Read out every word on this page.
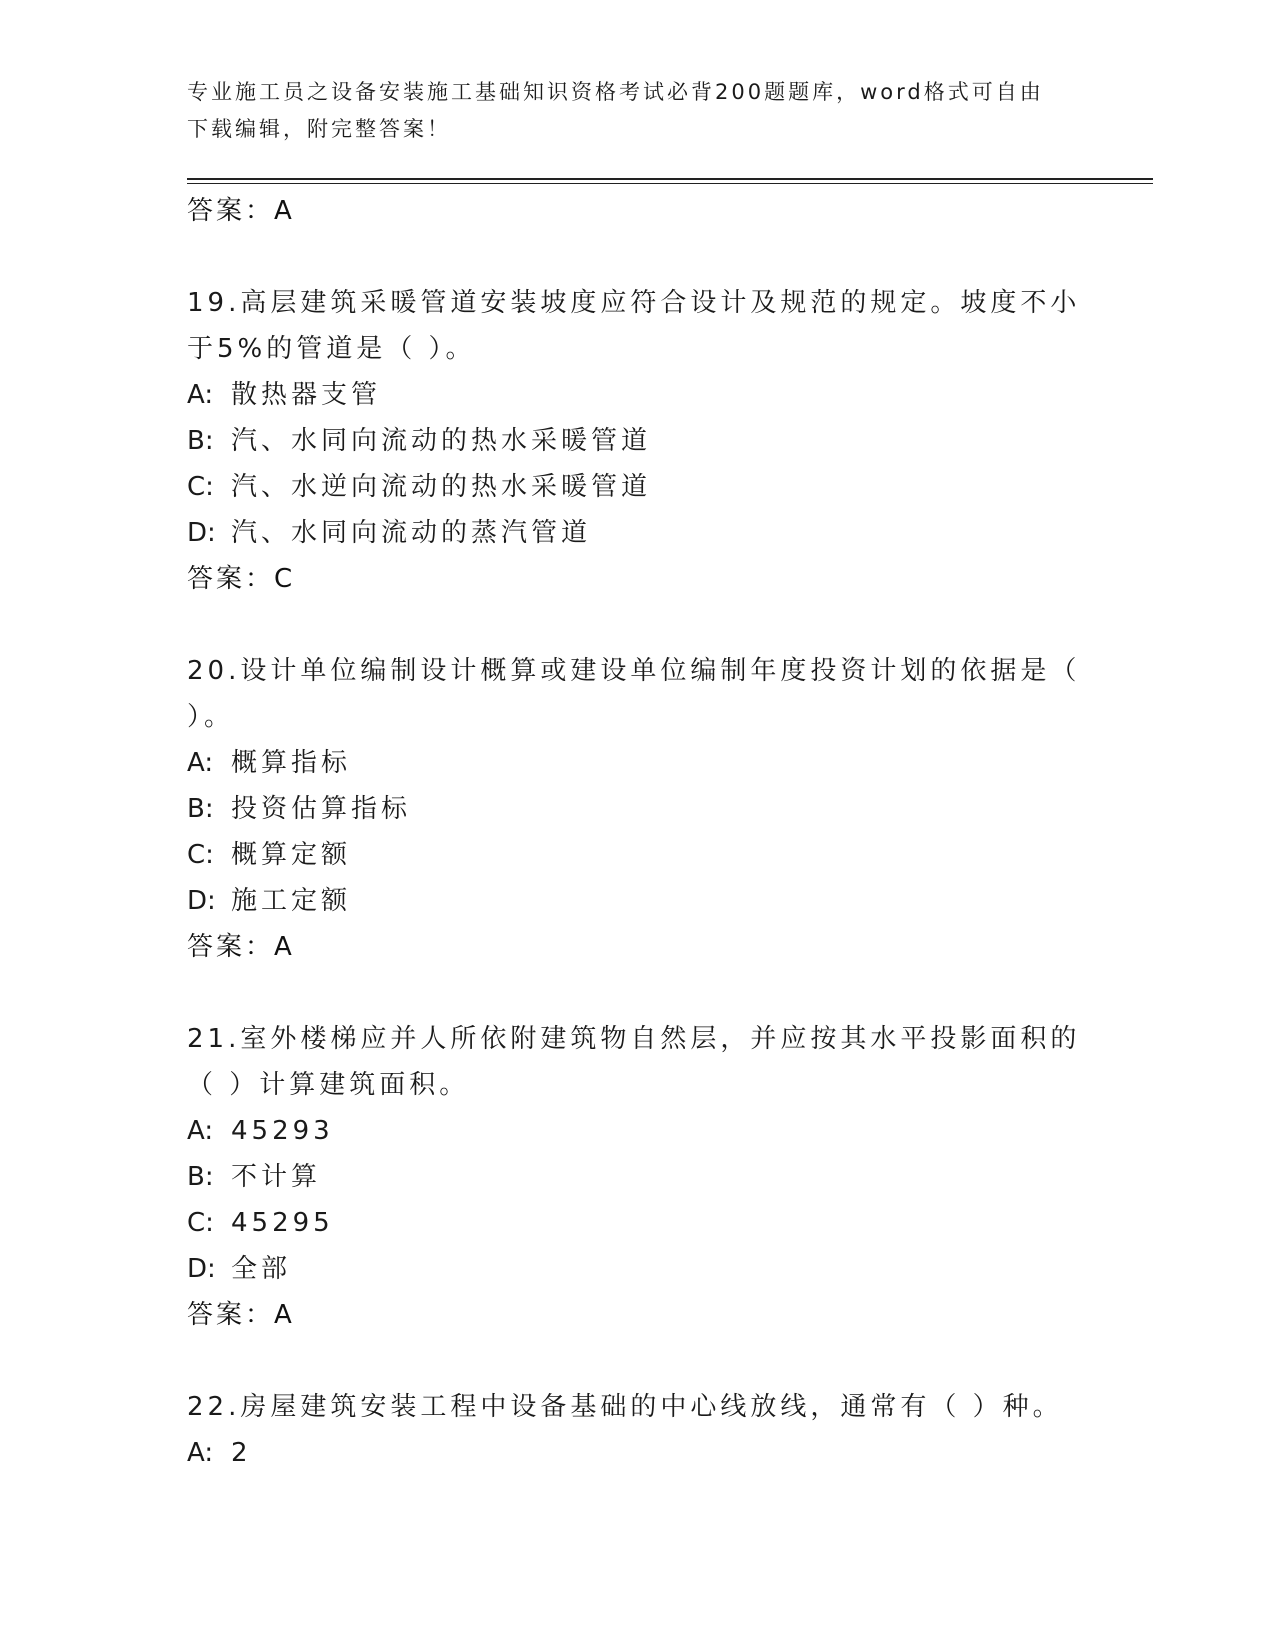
专业施工员之设备安装施工基础知识资格考试必背200题题库，word格式可自由下载编辑，附完整答案！
答案：A
19.高层建筑采暖管道安装坡度应符合设计及规范的规定。坡度不小于5%的管道是（ ）。
A: 散热器支管
B: 汽、水同向流动的热水采暖管道
C: 汽、水逆向流动的热水采暖管道
D: 汽、水同向流动的蒸汽管道
答案：C
20.设计单位编制设计概算或建设单位编制年度投资计划的依据是（ ）。
A: 概算指标
B: 投资估算指标
C: 概算定额
D: 施工定额
答案：A
21.室外楼梯应并人所依附建筑物自然层，并应按其水平投影面积的（ ）计算建筑面积。
A: 45293
B: 不计算
C: 45295
D: 全部
答案：A
22.房屋建筑安装工程中设备基础的中心线放线，通常有（ ）种。
A: 2
